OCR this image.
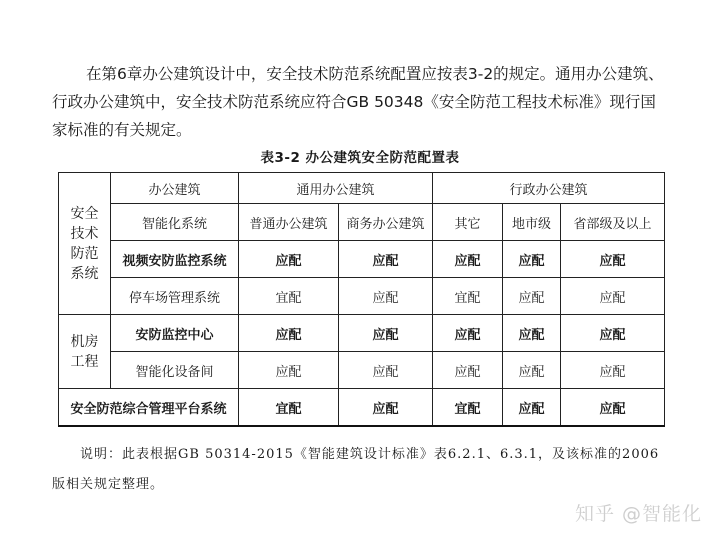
在第6章办公建筑设计中，安全技术防范系统配置应按表3-2的规定。通用办公建筑、
行政办公建筑中，安全技术防范系统应符合GB 50348《安全防范工程技术标准》现行国
家标准的有关规定。

表3-2 办公建筑安全防范配置表
安全技术防范系统	办公建筑	通用办公建筑		行政办公建筑		
	智能化系统	普通办公建筑	商务办公建筑	其它	地市级	省部级及以上
	视频安防监控系统	应配	应配	应配	应配	应配
	停车场管理系统	宜配	应配	宜配	应配	应配

机房工程	安防监控中心	应配	应配	应配	应配	应配
	智能化设备间	应配	应配	应配	应配	应配
安全防范综合管理平台系统		宜配	应配	宜配	应配	应配

说明：此表根据GB 50314-2015《智能建筑设计标准》表6.2.1、6.3.1，及该标准的2006
版相关规定整理。

知乎 @智能化
